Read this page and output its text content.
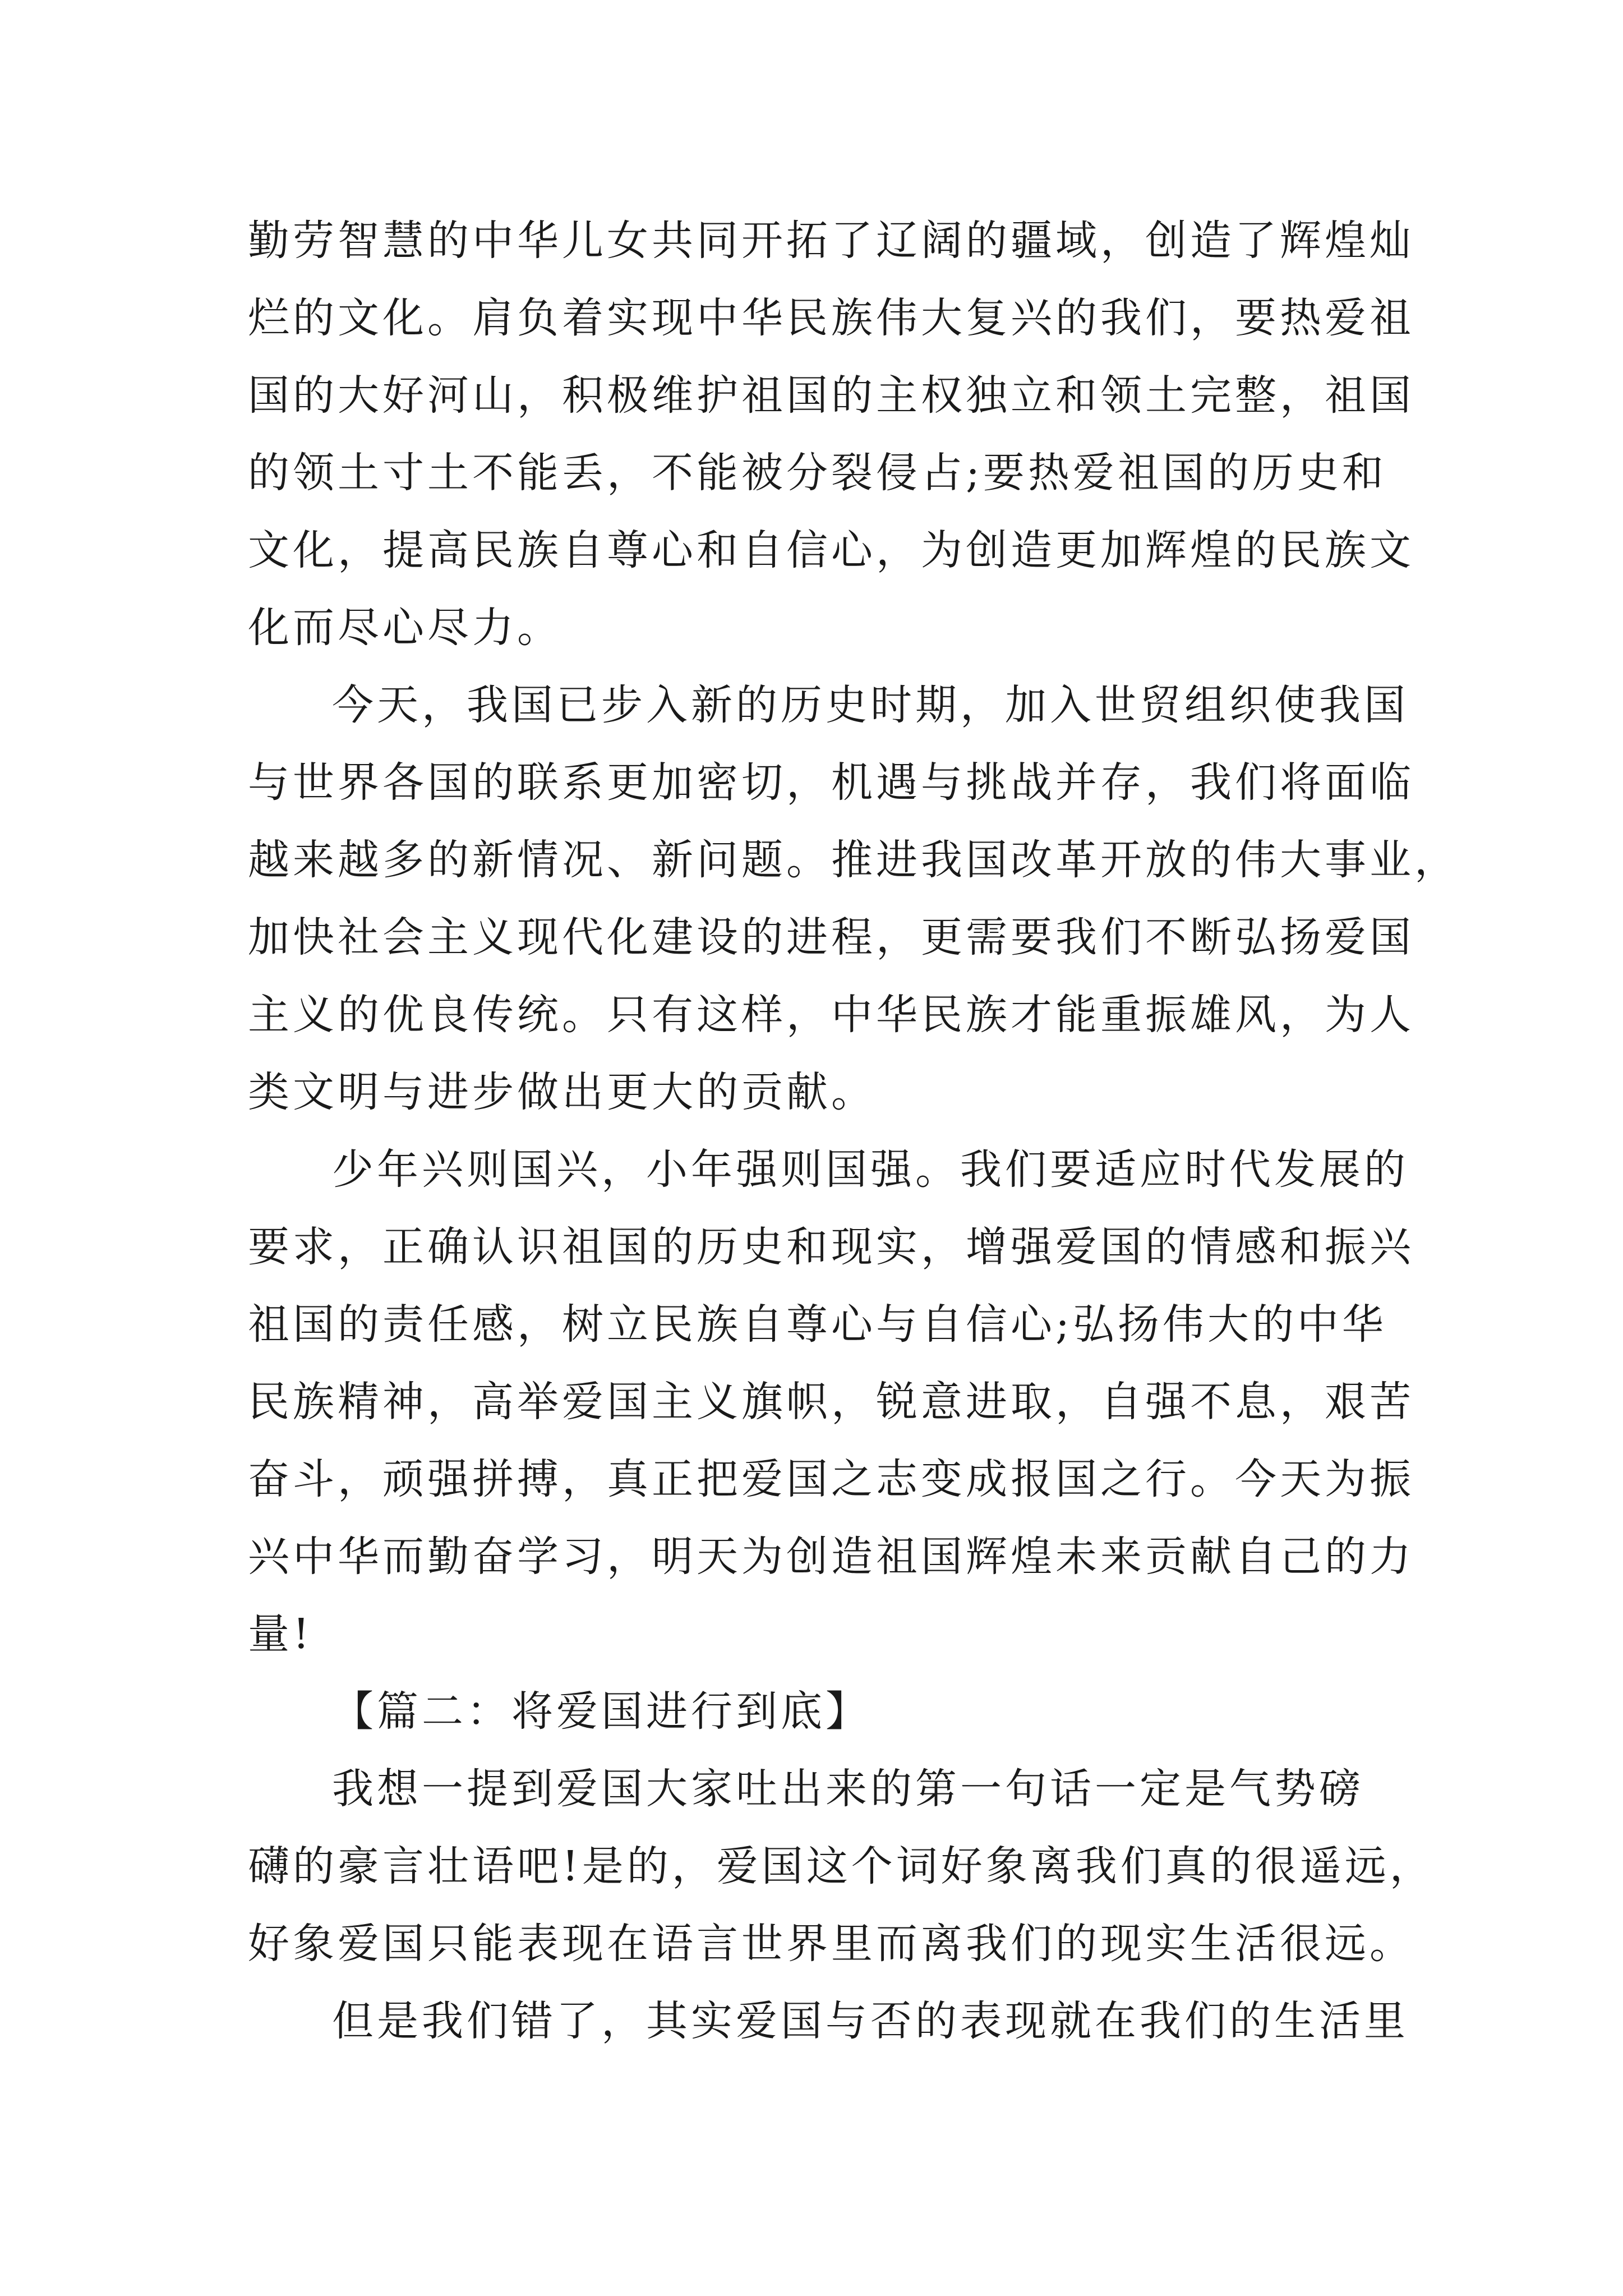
勤劳智慧的中华儿女共同开拓了辽阔的疆域，创造了辉煌灿
烂的文化。肩负着实现中华民族伟大复兴的我们，要热爱祖
国的大好河山，积极维护祖国的主权独立和领土完整，祖国
的领土寸土不能丢，不能被分裂侵占;要热爱祖国的历史和
文化，提高民族自尊心和自信心，为创造更加辉煌的民族文
化而尽心尽力。
今天，我国已步入新的历史时期，加入世贸组织使我国
与世界各国的联系更加密切，机遇与挑战并存，我们将面临
越来越多的新情况、新问题。推进我国改革开放的伟大事业，
加快社会主义现代化建设的进程，更需要我们不断弘扬爱国
主义的优良传统。只有这样，中华民族才能重振雄风，为人
类文明与进步做出更大的贡献。
少年兴则国兴，小年强则国强。我们要适应时代发展的
要求，正确认识祖国的历史和现实，增强爱国的情感和振兴
祖国的责任感，树立民族自尊心与自信心;弘扬伟大的中华
民族精神，高举爱国主义旗帜，锐意进取，自强不息，艰苦
奋斗，顽强拼搏，真正把爱国之志变成报国之行。今天为振
兴中华而勤奋学习，明天为创造祖国辉煌未来贡献自己的力
量!
【篇二：将爱国进行到底】
我想一提到爱国大家吐出来的第一句话一定是气势磅
礴的豪言壮语吧!是的，爱国这个词好象离我们真的很遥远，
好象爱国只能表现在语言世界里而离我们的现实生活很远。
但是我们错了，其实爱国与否的表现就在我们的生活里
